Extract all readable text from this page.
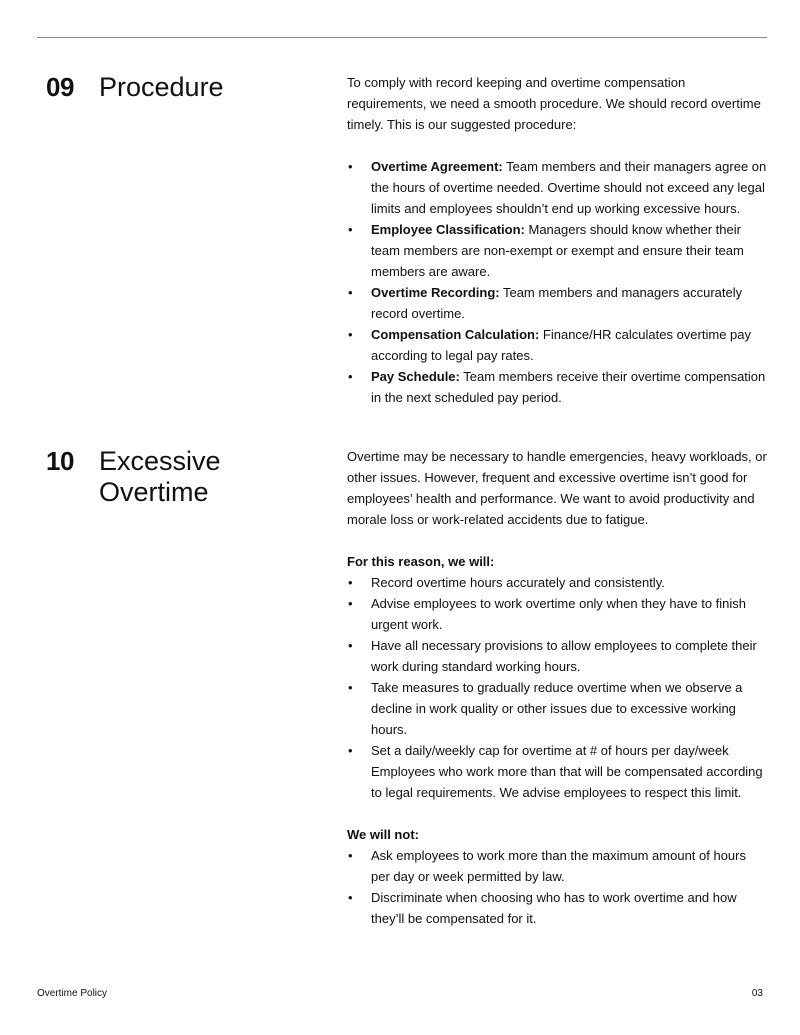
09 Procedure	To comply with record keeping and overtime compensation requirements, we need a smooth procedure. We should record overtime timely. This is our suggested procedure:

• Overtime Agreement: Team members and their managers agree on the hours of overtime needed. Overtime should not exceed any legal limits and employees shouldn’t end up working excessive hours.
• Employee Classification: Managers should know whether their team members are non-exempt or exempt and ensure their team members are aware.
• Overtime Recording: Team members and managers accurately record overtime.
• Compensation Calculation: Finance/HR calculates overtime pay according to legal pay rates.
• Pay Schedule: Team members receive their overtime compensation in the next scheduled pay period.
10 Excessive Overtime

Overtime may be necessary to handle emergencies, heavy workloads, or other issues. However, frequent and excessive overtime isn’t good for employees’ health and performance. We want to avoid productivity and morale loss or work-related accidents due to fatigue.

For this reason, we will:

• Record overtime hours accurately and consistently.
• Advise employees to work overtime only when they have to finish urgent work.
• Have all necessary provisions to allow employees to complete their work during standard working hours.
• Take measures to gradually reduce overtime when we observe a decline in work quality or other issues due to excessive working hours.
• Set a daily/weekly cap for overtime at # of hours per day/week Employees who work more than that will be compensated according to legal requirements. We advise employees to respect this limit.

We will not:

• Ask employees to work more than the maximum amount of hours per day or week permitted by law.
• Discriminate when choosing who has to work overtime and how they’ll be compensated for it.
Overtime Policy	03
